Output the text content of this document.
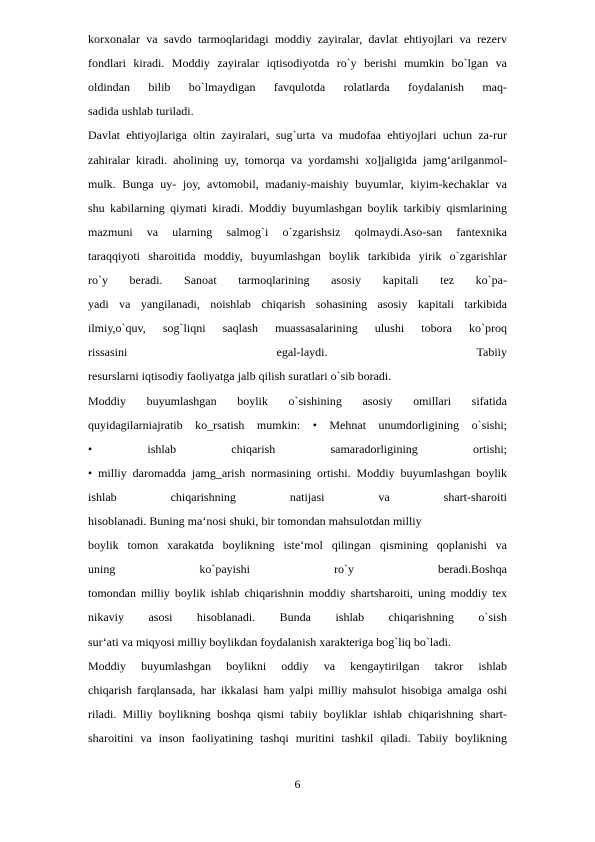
korxonalar va savdo tarmoqlaridagi moddiy zayiralar, davlat ehtiyojlari va rezerv
fondlari kiradi. Moddiy zayiralar iqtisodiyotda ro`y berishi mumkin bo`lgan va
oldindan bilib bo`lmaydigan favqulotda rolatlarda foydalanish maq-
sadida ushlab turiladi.
Davlat ehtiyojlariga oltin zayiralari, sug`urta va mudofaa ehtiyojlari uchun za-rur
zahiralar kiradi. aholining uy, tomorqa va yordamshi xo]jaligida jamg‘arilganmol-
mulk. Bunga uy- joy, avtomobil, madaniy-maishiy buyumlar, kiyim-kechaklar va
shu kabilarning qiymati kiradi. Moddiy buyumlashgan boylik tarkibiy qismlarining
mazmuni va ularning salmog`i o`zgarishsiz qolmaydi.Aso-san fantexnika
taraqqiyoti sharoitida moddiy, buyumlashgan boylik tarkibida yirik o`zgarishlar
ro`y beradi. Sanoat tarmoqlarining asosiy kapitali tez ko`pa-
yadi va yangilanadi, noishlab chiqarish sohasining asosiy kapitali tarkibida
ilmiy,o`quv, sog`liqni saqlash muassasalarining ulushi tobora ko`proq
rissasini egal-laydi. Tabiiy
resurslarni iqtisodiy faoliyatga jalb qilish suratlari o`sib boradi.
Moddiy buyumlashgan boylik o`sishining asosiy omillari sifatida
quyidagilarniajratib ko_rsatish mumkin: • Mehnat unumdorligining o`sishi;
• ishlab chiqarish samaradorligining ortishi;
• milliy daromadda jamg_arish normasining ortishi. Moddiy buyumlashgan boylik
ishlab chiqarishning natijasi va shart-sharoiti
hisoblanadi. Buning ma‘nosi shuki, bir tomondan mahsulotdan milliy
boylik tomon xarakatda boylikning iste‘mol qilingan qismining qoplanishi va
uning ko`payishi ro`y beradi.Boshqa
tomondan milliy boylik ishlab chiqarishnin moddiy shartsharoiti, uning moddiy tex
nikaviy asosi hisoblanadi. Bunda ishlab chiqarishning o`sish
sur‘ati va miqyosi milliy boylikdan foydalanish xarakteriga bog`liq bo`ladi.
Moddiy buyumlashgan boylikni oddiy va kengaytirilgan takror ishlab
chiqarish farqlansada, har ikkalasi ham yalpi milliy mahsulot hisobiga amalga oshi
riladi. Milliy boylikning boshqa qismi tabiiy boyliklar ishlab chiqarishning shart-
sharoitini va inson faoliyatining tashqi muritini tashkil qiladi. Tabiiy boylikning
6
